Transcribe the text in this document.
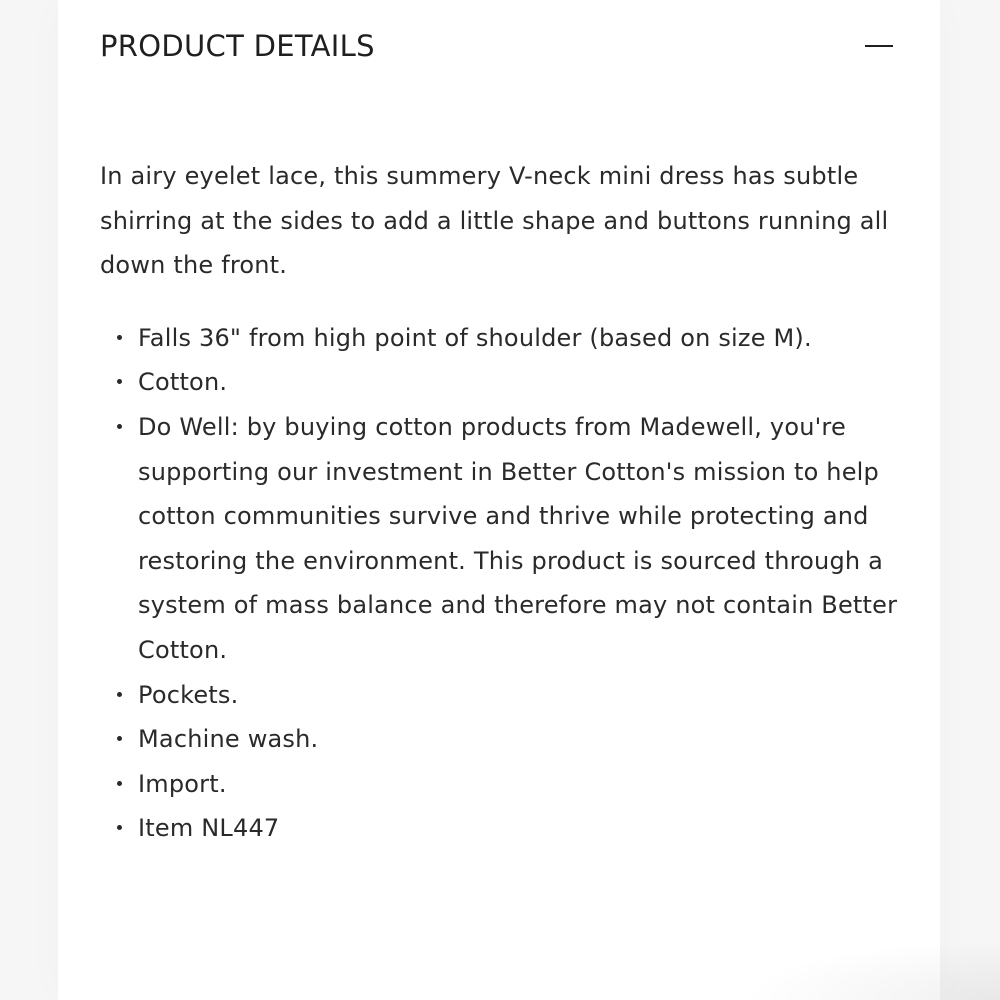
PRODUCT DETAILS

In airy eyelet lace, this summery V-neck mini dress has subtle shirring at the sides to add a little shape and buttons running all down the front.

Falls 36" from high point of shoulder (based on size M).
Cotton.
Do Well: by buying cotton products from Madewell, you're supporting our investment in Better Cotton's mission to help cotton communities survive and thrive while protecting and restoring the environment. This product is sourced through a system of mass balance and therefore may not contain Better Cotton.
Pockets.
Machine wash.
Import.
Item NL447
